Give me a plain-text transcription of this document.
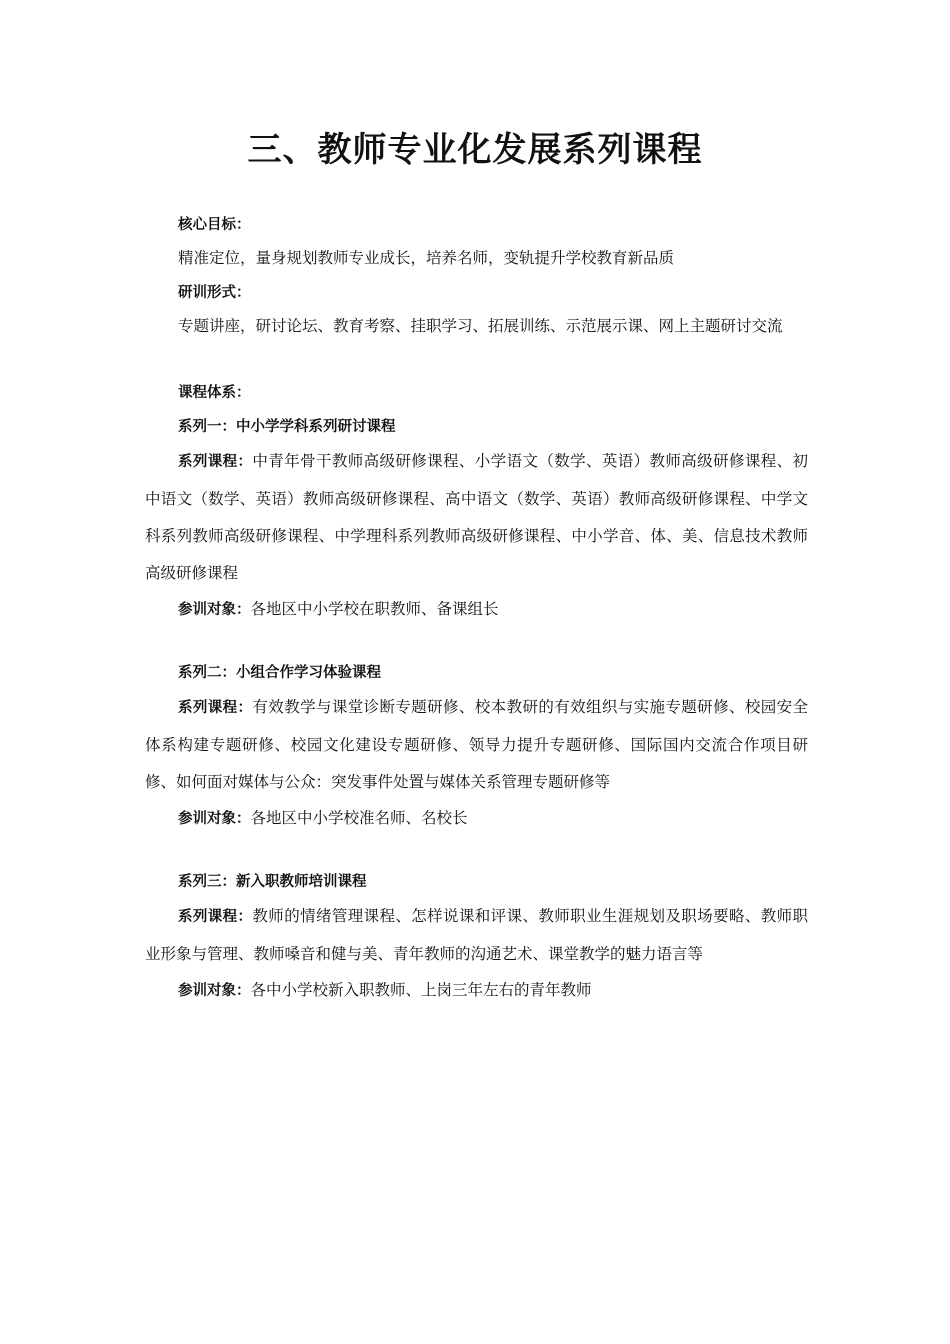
三、教师专业化发展系列课程
核心目标：
精准定位，量身规划教师专业成长，培养名师，变轨提升学校教育新品质
研训形式：
专题讲座，研讨论坛、教育考察、挂职学习、拓展训练、示范展示课、网上主题研讨交流
课程体系：
系列一：中小学学科系列研讨课程
系列课程：中青年骨干教师高级研修课程、小学语文（数学、英语）教师高级研修课程、初中语文（数学、英语）教师高级研修课程、高中语文（数学、英语）教师高级研修课程、中学文科系列教师高级研修课程、中学理科系列教师高级研修课程、中小学音、体、美、信息技术教师高级研修课程
参训对象：各地区中小学校在职教师、备课组长
系列二：小组合作学习体验课程
系列课程：有效教学与课堂诊断专题研修、校本教研的有效组织与实施专题研修、校园安全体系构建专题研修、校园文化建设专题研修、领导力提升专题研修、国际国内交流合作项目研修、如何面对媒体与公众：突发事件处置与媒体关系管理专题研修等
参训对象：各地区中小学校准名师、名校长
系列三：新入职教师培训课程
系列课程：教师的情绪管理课程、怎样说课和评课、教师职业生涯规划及职场要略、教师职业形象与管理、教师嗓音和健与美、青年教师的沟通艺术、课堂教学的魅力语言等
参训对象：各中小学校新入职教师、上岗三年左右的青年教师
